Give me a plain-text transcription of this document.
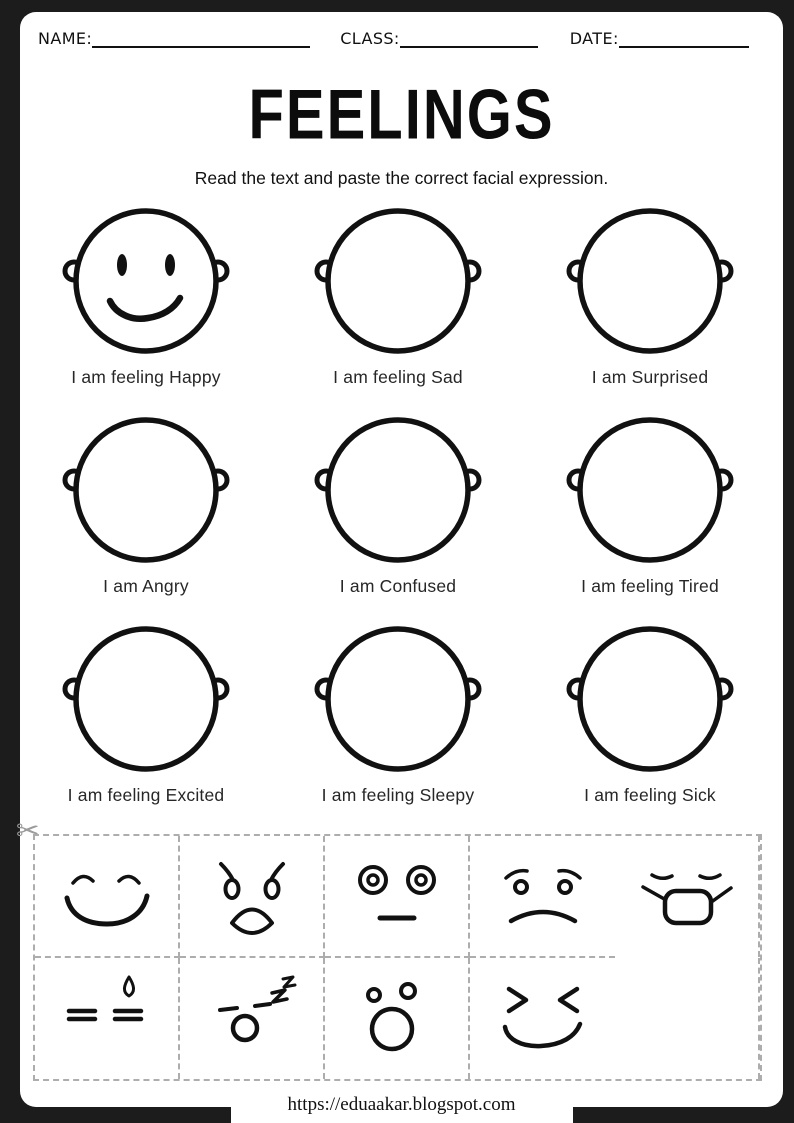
NAME:	CLASS:	DATE:
FEELINGS
Read the text and paste the correct facial expression.
I am feeling Happy	I am feeling Sad	I am Surprised
I am Angry	I am Confused	I am feeling Tired
I am feeling Excited	I am feeling Sleepy	I am feeling Sick
✂
https://eduaakar.blogspot.com
